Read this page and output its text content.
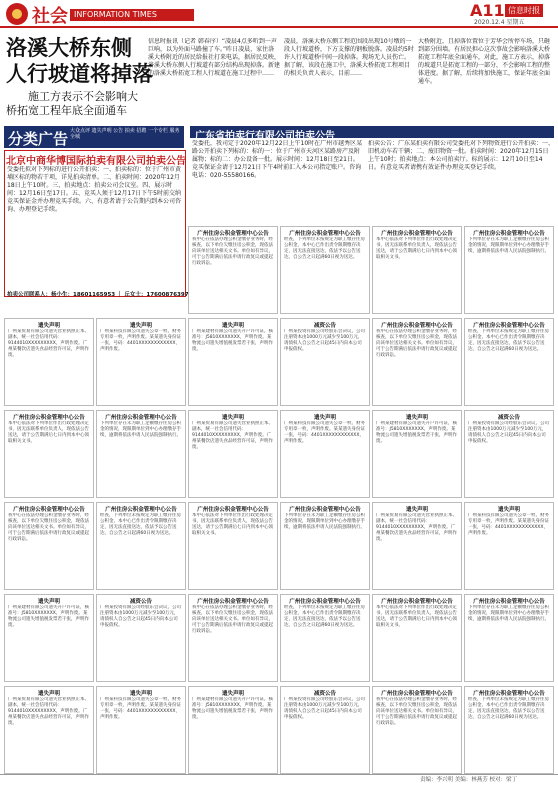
社会 INFORMATION TIMES	A11 信息时报
2020.12.4 星期五
洛溪大桥东侧
人行坡道将掉落
施工方表示不会影响大
桥拓宽工程年底全面通车
信息时报讯（记者 韩春序）“凌晨4点多听到一声巨响，以为外面马路撞了车。”昨日凌晨，家住洛溪大桥附近的居民给报社打来电话，据居民反映，洛溪大桥东侧人行坡道有部分结构出现掉落。新建的洛溪大桥拓宽工程人行坡道在施工过程中……
凌晨，洛溪大桥东侧工程范围段出现10号墩的一段人行坡道桥，下方支撑的钢板脱落。凌晨约5时许人行坡道桥中间一段掉落。现场无人员伤亡。据了解，该段在施工中，洛溪大桥拓宽工程项目的相关负责人表示，目前……
大桥附近，且掉落位置位于芳华会所停车场，只砸到部分围墙。有居民担心这次事故会影响洛溪大桥拓宽工程年底全面通车，对此，施工方表示，掉落的坡道只是拓宽工程的一部分，不会影响工程的整体进度。据了解，后续将加快施工，保证年底全面通车。
分类广告 大众点评 遗失声明 公告 拍卖 招聘 一个专栏 服务全城
北京中商华博国际拍卖有限公司拍卖公告
受委托拟对下列标的进行公开拍卖：一、拍卖标的：位于广州市黄埔区标的物若干项，详见拍卖清单。二、拍卖时间：2020年12月18日上午10时。三、拍卖地点：拍卖公司会议室。四、展示时间：12月16日至17日。五、竞买人须于12月17日下午5时前交纳竞买保证金并办理竞买手续。六、有意者请于公告期内到本公司咨询、办理登记手续。
拍卖公司联系人：杨小生：18601165953 ｜ 丘女士：17600876397
广东省拍卖行有限公司拍卖公告
受委托，我司定于2020年12月22日上午10时在广州市越秀区某路公开拍卖下列标的：标的一：位于广州市天河区某路房产及附属物；标的二：办公设备一批。展示时间：12月18日至21日。竞买保证金请于12月21日下午4时前汇入本公司指定账户。咨询电话：020-55580166。
拍卖公告：广东某拍卖有限公司受委托对下列物资进行公开拍卖：一、旧机动车若干辆；二、废旧物资一批。拍卖时间：2020年12月15日上午10时；拍卖地点：本公司拍卖厅。标的展示：12月10日至14日。有意竞买者请携有效证件办理竞买登记手续。
广州住房公积金管理中心公告
我中心在依法办理公积金缴存业务时，经核查，以下单位欠缴住房公积金，现依法向该单位送达相关文书。单位如有异议，可于公告期满后依法申请行政复议或提起行政诉讼。
广州住房公积金管理中心公告
经查，下列单位未按规定为职工缴存住房公积金，本中心已作出责令限期缴存决定，因无法直接送达，依法予以公告送达，自公告之日起满60日视为送达。
广州住房公积金管理中心公告
本中心依法对下列单位作出行政处理决定书，因无法联系单位负责人，现依法公告送达，请于公告期满后七日内到本中心领取相关文书。
广州住房公积金管理中心公告
下列单位存在未为职工足额缴存住房公积金的情况，现限期单位到中心办理缴存手续，逾期将依法申请人民法院强制执行。
遗失声明
广州某贸易有限公司遗失营业执照正本、副本，统一社会信用代码：9144010XXXXXXXXX，声明作废。广州某餐饮店遗失食品经营许可证，声明作废。
遗失声明
广州某科技有限公司遗失公章一枚、财务专用章一枚，声明作废。某某遗失身份证一张，号码：4401XXXXXXXXXXXX，声明作废。
遗失声明
广州某建材有限公司遗失开户许可证，核准号：J5810XXXXXXX，声明作废。某物流公司遗失增值税发票若干张，声明作废。
减资公告
广州某投资有限公司经股东会决议，公司注册资本由1000万元减少至100万元，请债权人自公告之日起45日内向本公司申报债权。
广州住房公积金管理中心公告
我中心在依法办理公积金缴存业务时，经核查，以下单位欠缴住房公积金，现依法向该单位送达相关文书。单位如有异议，可于公告期满后依法申请行政复议或提起行政诉讼。
广州住房公积金管理中心公告
经查，下列单位未按规定为职工缴存住房公积金，本中心已作出责令限期缴存决定，因无法直接送达，依法予以公告送达，自公告之日起满60日视为送达。
广州住房公积金管理中心公告
本中心依法对下列单位作出行政处理决定书，因无法联系单位负责人，现依法公告送达，请于公告期满后七日内到本中心领取相关文书。
广州住房公积金管理中心公告
下列单位存在未为职工足额缴存住房公积金的情况，现限期单位到中心办理缴存手续，逾期将依法申请人民法院强制执行。
遗失声明
广州某贸易有限公司遗失营业执照正本、副本，统一社会信用代码：9144010XXXXXXXXX，声明作废。广州某餐饮店遗失食品经营许可证，声明作废。
遗失声明
广州某科技有限公司遗失公章一枚、财务专用章一枚，声明作废。某某遗失身份证一张，号码：4401XXXXXXXXXXXX，声明作废。
遗失声明
广州某建材有限公司遗失开户许可证，核准号：J5810XXXXXXX，声明作废。某物流公司遗失增值税发票若干张，声明作废。
减资公告
广州某投资有限公司经股东会决议，公司注册资本由1000万元减少至100万元，请债权人自公告之日起45日内向本公司申报债权。
广州住房公积金管理中心公告
我中心在依法办理公积金缴存业务时，经核查，以下单位欠缴住房公积金，现依法向该单位送达相关文书。单位如有异议，可于公告期满后依法申请行政复议或提起行政诉讼。
广州住房公积金管理中心公告
经查，下列单位未按规定为职工缴存住房公积金，本中心已作出责令限期缴存决定，因无法直接送达，依法予以公告送达，自公告之日起满60日视为送达。
广州住房公积金管理中心公告
本中心依法对下列单位作出行政处理决定书，因无法联系单位负责人，现依法公告送达，请于公告期满后七日内到本中心领取相关文书。
广州住房公积金管理中心公告
下列单位存在未为职工足额缴存住房公积金的情况，现限期单位到中心办理缴存手续，逾期将依法申请人民法院强制执行。
遗失声明
广州某贸易有限公司遗失营业执照正本、副本，统一社会信用代码：9144010XXXXXXXXX，声明作废。广州某餐饮店遗失食品经营许可证，声明作废。
遗失声明
广州某科技有限公司遗失公章一枚、财务专用章一枚，声明作废。某某遗失身份证一张，号码：4401XXXXXXXXXXXX，声明作废。
遗失声明
广州某建材有限公司遗失开户许可证，核准号：J5810XXXXXXX，声明作废。某物流公司遗失增值税发票若干张，声明作废。
减资公告
广州某投资有限公司经股东会决议，公司注册资本由1000万元减少至100万元，请债权人自公告之日起45日内向本公司申报债权。
广州住房公积金管理中心公告
我中心在依法办理公积金缴存业务时，经核查，以下单位欠缴住房公积金，现依法向该单位送达相关文书。单位如有异议，可于公告期满后依法申请行政复议或提起行政诉讼。
广州住房公积金管理中心公告
经查，下列单位未按规定为职工缴存住房公积金，本中心已作出责令限期缴存决定，因无法直接送达，依法予以公告送达，自公告之日起满60日视为送达。
广州住房公积金管理中心公告
本中心依法对下列单位作出行政处理决定书，因无法联系单位负责人，现依法公告送达，请于公告期满后七日内到本中心领取相关文书。
广州住房公积金管理中心公告
下列单位存在未为职工足额缴存住房公积金的情况，现限期单位到中心办理缴存手续，逾期将依法申请人民法院强制执行。
遗失声明
广州某贸易有限公司遗失营业执照正本、副本，统一社会信用代码：9144010XXXXXXXXX，声明作废。广州某餐饮店遗失食品经营许可证，声明作废。
遗失声明
广州某科技有限公司遗失公章一枚、财务专用章一枚，声明作废。某某遗失身份证一张，号码：4401XXXXXXXXXXXX，声明作废。
遗失声明
广州某建材有限公司遗失开户许可证，核准号：J5810XXXXXXX，声明作废。某物流公司遗失增值税发票若干张，声明作废。
减资公告
广州某投资有限公司经股东会决议，公司注册资本由1000万元减少至100万元，请债权人自公告之日起45日内向本公司申报债权。
广州住房公积金管理中心公告
我中心在依法办理公积金缴存业务时，经核查，以下单位欠缴住房公积金，现依法向该单位送达相关文书。单位如有异议，可于公告期满后依法申请行政复议或提起行政诉讼。
广州住房公积金管理中心公告
经查，下列单位未按规定为职工缴存住房公积金，本中心已作出责令限期缴存决定，因无法直接送达，依法予以公告送达，自公告之日起满60日视为送达。
责编：李兴明 美编：林燕芳 校对：梁丁
